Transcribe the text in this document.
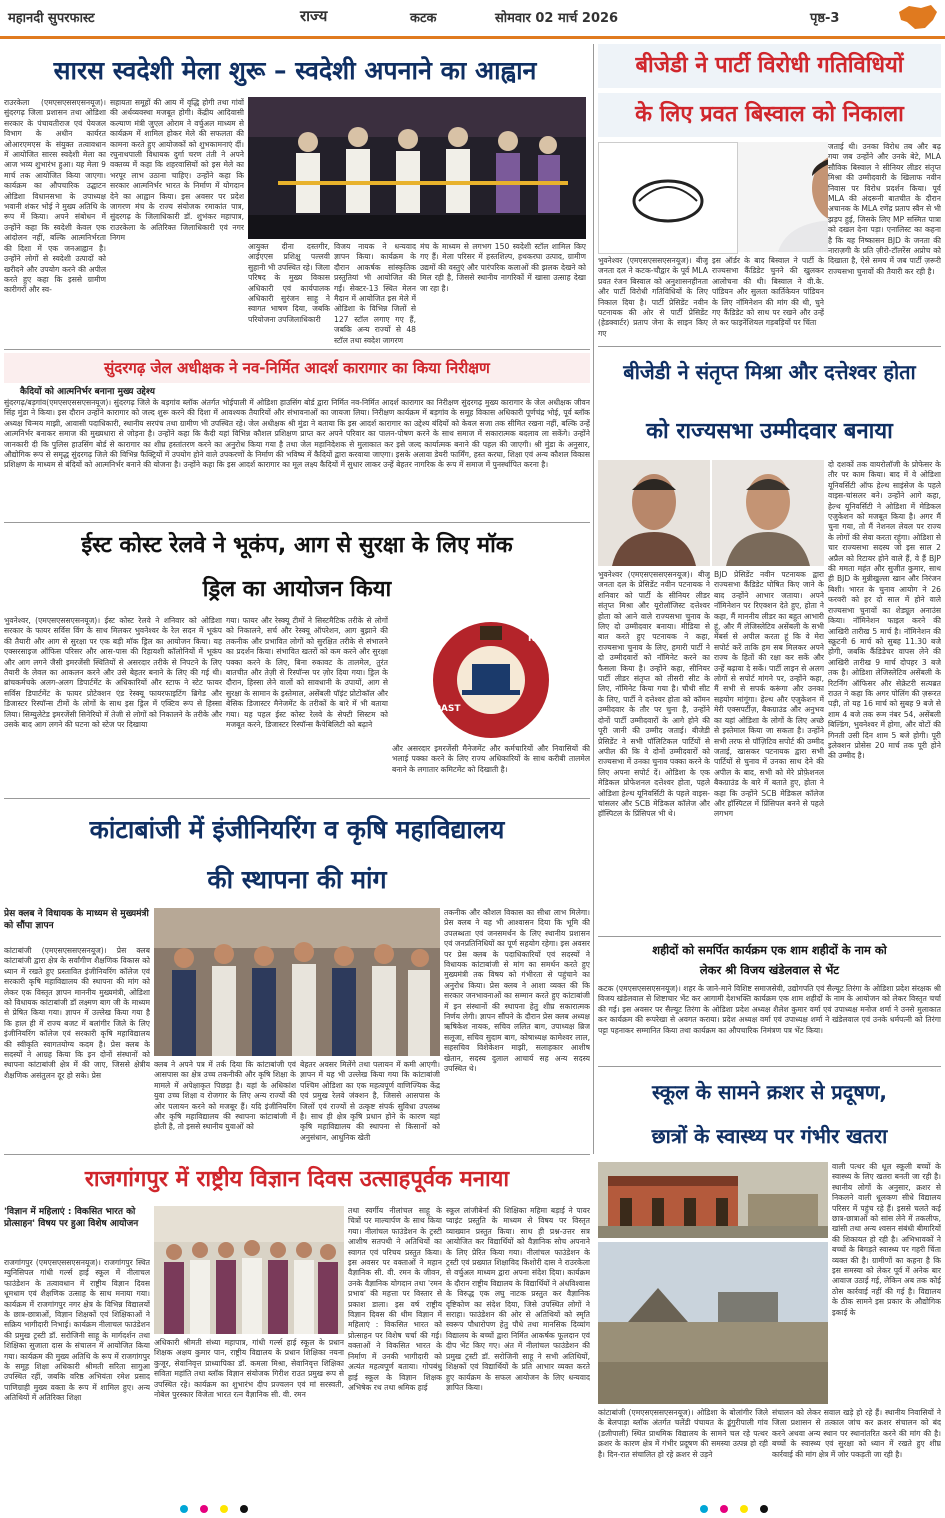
महानदी सुपरफास्ट	राज्य	कटक	सोमवार 02 मार्च 2026	पृष्ठ-3
सारस स्वदेशी मेला शुरू – स्वदेशी अपनाने का आह्वान

राउरकेला (एमएसएससएसनयूज)। सुंदरगढ़ जिला प्रशासन तथा ओडिशा सरकार के पंचायतीराज एवं पेयजल विभाग के अधीन कार्यरत ओआरएमएस के संयुक्त तत्वावधान में आयोजित सारस स्वदेशी मेला का आज भव्य शुभारंभ हुआ। यह मेला 9 मार्च तक आयोजित किया जाएगा। कार्यक्रम का औपचारिक उद्घाटन ओडिशा विधानसभा के उपाध्यक्ष भवानी शंकर भोई ने मुख्य अतिथि के रूप में किया। अपने संबोधन में उन्होंने कहा कि स्वदेशी केवल एक आंदोलन नहीं, बल्कि आत्मनिर्भरता की दिशा में एक जनआह्वान है। उन्होंने लोगों से स्वदेशी उत्पादों को खरीदने और उपयोग करने की अपील करते हुए कहा कि इससे ग्रामीण कारीगरों और स्व-

सहायता समूहों की आय में वृद्धि होगी तथा गांवों की अर्थव्यवस्था मजबूत होगी। केंद्रीय आदिवासी कल्याण मंत्री जुएल ओराम ने वर्चुअल माध्यम से कार्यक्रम में शामिल होकर मेले की सफलता की कामना करते हुए आयोजकों को शुभकामनाएं दीं। रघुनाथपाली विधायक दुर्गा चरण तंती ने अपने वक्तव्य में कहा कि शहरवासियों को इस मेले का भरपूर लाभ उठाना चाहिए। उन्होंने कहा कि सरकार आत्मनिर्भर भारत के निर्माण में योगदान देने का आह्वान किया। इस अवसर पर प्रदेश जागरण मंच के राज्य संयोजक रमाकांत पात्र, सुंदरगढ़ के जिलाधिकारी डॉ. शुभंकर महापात्र, राउरकेला के अतिरिक्त जिलाधिकारी एवं नगर निगम

आयुक्त दीना दस्तगीर, आईएएस प्रशिक्षु पल्लवी सुहानी भी उपस्थित रहे। जिला परिषद के मुख्य विकास अधिकारी एवं कार्यपालक अधिकारी सुरंजन साहू ने स्वागत भाषण दिया, जबकि परियोजना उपजिलाधिकारी

विजय नायक ने धन्यवाद ज्ञापन किया। कार्यक्रम के दौरान आकर्षक सांस्कृतिक प्रस्तुतियां भी आयोजित की गईं। सेक्टर-13 स्थित मेलन मैदान में आयोजित इस मेले में ओडिशा के विभिन्न जिलों से 127 स्टॉल लगाए गए हैं, जबकि अन्य राज्यों से 48 स्टॉल तथा स्वदेश जागरण

मंच के माध्यम से लगभग 150 स्वदेशी स्टॉल शामिल किए गए हैं। मेला परिसर में हस्तशिल्प, हथकरघा उत्पाद, ग्रामीण उद्यमों की वस्तुएं और पारंपरिक कलाओं की झलक देखने को मिल रही है, जिससे स्थानीय नागरिकों में खासा उत्साह देखा जा रहा है।

बीजेडी ने पार्टी विरोधी गतिविधियों
के लिए प्रवत बिस्वाल को निकाला

भुवनेश्वर (एमएसएससएसनयूज)। बीजू जनता दल ने कटक-चौद्वार के पूर्व MLA प्रवत रंजन बिस्वाल को अनुशासनहीनता और पार्टी विरोधी गतिविधियों के लिए निकाल दिया है। पार्टी प्रेसिडेंट नवीन पटनायक की ओर से पार्टी प्रेसिडेंट (हेडक्वार्टर) प्रताप जेना के साइन किए गए

इस ऑर्डर के बाद बिस्वाल ने पार्टी के राज्यसभा कैंडिडेट चुनने की खुलकर आलोचना की थी। बिस्वाल ने वी.के. पांडियन और सुलता कार्तिकेयन पांडियन के लिए नॉमिनेशन की मांग की थी, चुने गए कैंडिडेट को साथ पर रखने और उन्हें ले कर फाइनेंशियल गड़बड़ियों पर चिंता

जताई थी। उनका विरोध तब और बढ़ गया जब उन्होंने और उनके बेटे, MLA सौविक बिस्वाल ने सीनियर लीडर संतृप्त मिश्रा की उम्मीदवारी के खिलाफ नवीन निवास पर विरोध प्रदर्शन किया। पूर्व MLA की अंदरूनी बातचीत के दौरान अचानक के MLA रणेंद्र प्रताप स्वैन से भी झड़प हुई, जिसके लिए MP सस्मित पात्रा को दखल देना पड़ा। एनालिस्ट का कहना है कि यह निष्कासन BJD के जनता की नाराज़गी के प्रति ज़ीरो-टॉलरेंस अप्रोच को दिखाता है, ऐसे समय में जब पार्टी ज़रूरी राज्यसभा चुनावों की तैयारी कर रही है।

सुंदरगढ़ जेल अधीक्षक ने नव-निर्मित आदर्श कारागार का किया निरीक्षण
कैदियों को आत्मनिर्भर बनाना मुख्य उद्देश्य

सुंदरगढ़/बड़गांव(एमएसएससएसनयूज)। सुंदरगढ़ जिले के बड़गांव ब्लॉक अंतर्गत भोईपाली में ओडिशा हाउसिंग बोर्ड द्वारा निर्मित नव-निर्मित आदर्श कारागार का निरीक्षण सुंदरगढ़ मुख्य कारागार के जेल अधीक्षक जीवन सिंह मुंडा ने किया। इस दौरान उन्होंने कारागार को जल्द शुरू करने की दिशा में आवश्यक तैयारियों और संभावनाओं का जायजा लिया। निरीक्षण कार्यक्रम में बड़गांव के समूह विकास अधिकारी पूर्णचंद्र भोई, पूर्व ब्लॉक अध्यक्ष चिन्मय माझी, आवासी पदाधिकारी, स्थानीय सरपंच तथा ग्रामीण भी उपस्थित रहे। जेल अधीक्षक श्री मुंडा ने बताया कि इस आदर्श कारागार का उद्देश्य बंदियों को केवल सजा तक सीमित रखना नहीं, बल्कि उन्हें आत्मनिर्भर बनाकर समाज की मुख्यधारा से जोड़ना है। उन्होंने कहा कि कैदी यहां विभिन्न कौशल प्रशिक्षण प्राप्त कर अपने परिवार का पालन-पोषण करने के साथ समाज में सकारात्मक बदलाव ला सकेंगे। उन्होंने जानकारी दी कि पुलिस हाउसिंग बोर्ड से कारागार का शीघ्र हस्तांतरण करने का अनुरोध किया गया है तथा जेल महानिदेशक से मुलाकात कर इसे जल्द कार्यात्मक बनाने की पहल की जाएगी। श्री मुंडा के अनुसार, औद्योगिक रूप से समृद्ध सुंदरगढ़ जिले की विभिन्न फैक्ट्रियों में उपयोग होने वाले उपकरणों के निर्माण की भविष्य में कैदियों द्वारा करवाया जाएगा। इसके अलावा डेयरी फार्मिंग, हस्त करघा, शिक्षा एवं अन्य कौशल विकास प्रशिक्षण के माध्यम से बंदियों को आत्मनिर्भर बनाने की योजना है। उन्होंने कहा कि इस आदर्श कारागार का मूल लक्ष्य कैदियों में सुधार लाकर उन्हें बेहतर नागरिक के रूप में समाज में पुनर्स्थापित करना है।

बीजेडी ने संतृप्त मिश्रा और दत्तेश्वर होता
को राज्यसभा उम्मीदवार बनाया

भुवनेश्वर (एमएसएससएसनयूज)। बीजू जनता दल के प्रेसिडेंट नवीन पटनायक ने शनिवार को पार्टी के सीनियर लीडर संतृप्त मिश्रा और यूरोलॉजिस्ट दत्तेश्वर होता को आने वाले राज्यसभा चुनाव के लिए दो उम्मीदवार बनाया। मीडिया से बात करते हुए पटनायक ने कहा, राज्यसभा चुनाव के लिए, हमारी पार्टी ने दो उम्मीदवारों को नॉमिनेट करने का फैसला किया है। उन्होंने कहा, सीनियर पार्टी लीडर संतृप्त को तीसरी सीट के लिए, नॉमिनेट किया गया है। चौथी सीट के लिए, पार्टी ने दत्तेश्वर होता को कॉमन उम्मीदवार के तौर पर चुना है, उन्होंने दोनों पार्टी उम्मीदवारों के आगे होने की पूरी जानी की उम्मीद जताई। बीजेडी प्रेसिडेंट ने सभी पॉलिटिकल पार्टियों से अपील की कि वे दोनों उम्मीदवारों को राज्यसभा में उनका चुनाव पक्का करने के लिए अपना सपोर्ट दें। ओडिशा के एक मेडिकल प्रोफेशनल दत्तेश्वर होता, पहले ओडिशा हेल्थ यूनिवर्सिटी के पहले वाइस-चांसलर और SCB मेडिकल कॉलेज और हॉस्पिटल के प्रिंसिपल भी थे।

BJD प्रेसिडेंट नवीन पटनायक द्वारा राज्यसभा कैंडिडेट घोषित किए जाने के बाद उन्होंने आभार जताया। अपने नॉमिनेशन पर रिएक्शन देते हुए, होता ने कहा, मैं माननीय लीडर का बहुत आभारी हूं, और मैं लेजिस्लेटिव असेंबली के सभी मेंबर्स से अपील करता हूं कि वे मेरा सपोर्ट करें ताकि हम सब मिलकर अपने राज्य के हितों की रक्षा कर सकें और उन्हें बढ़ावा दे सकें। पार्टी लाइन से अलग लोगों से सपोर्ट मांगने पर, उन्होंने कहा, मैं सभी से सपर्क करूंगा और उनका सहयोग मांगूंगा। हेल्थ और एजुकेशन में मेरी एक्सपर्टीज़, बैकग्राउंड और अनुभव का यहां ओडिशा के लोगों के लिए अच्छे से इस्तेमाल किया जा सकता है। उन्होंने सभी तरफ से पॉज़िटिव सपोर्ट की उम्मीद जताई, खासकर पटनायक द्वारा सभी पार्टियों से चुनाव में उनका साथ देने की अपील के बाद, सभी को मेरे प्रोफ़ेशनल बैकग्राउंड के बारे में बताते हुए, होता ने कहा कि उन्होंने SCB मेडिकल कॉलेज और हॉस्पिटल में प्रिंसिपल बनने से पहले लगभग

दो दशकों तक वायरोलॉजी के प्रोफेसर के तौर पर काम किया। बाद में वे ओडिशा यूनिवर्सिटी ऑफ हेल्थ साइंसेज के पहले वाइस-चांसलर बने। उन्होंने आगे कहा, हेल्थ यूनिवर्सिटी ने ओडिशा में मेडिकल एजुकेशन को मजबूत किया है। अगर मैं चुना गया, तो मैं नेशनल लेवल पर राज्य के लोगों की सेवा करता रहूंगा। ओडिशा से चार राज्यसभा सदस्य जो इस साल 2 अप्रैल को रिटायर होने वाले हैं, वे हैं BJP की ममता महंत और सुजीत कुमार, साथ ही BJD के मुन्नीखुल्ला खान और निरंजन बिशी। भारत के चुनाव आयोग ने 26 फरवरी को हर दो साल में होने वाले राज्यसभा चुनावों का शेड्यूल अनाउंस किया। नॉमिनेशन फाइल करने की आखिरी तारीख 5 मार्च है। नॉमिनेशन की स्क्रूटनी 6 मार्च को सुबह 11.30 बजे होगी, जबकि कैंडिडेचर वापस लेने की आखिरी तारीख 9 मार्च दोपहर 3 बजे तक है। ओडिशा लेजिस्लेटिव असेंबली के रिटर्निंग ऑफिसर और सेक्रेटरी सत्यब्रत राउत ने कहा कि अगर पोलिंग की ज़रूरत पड़ी, तो यह 16 मार्च को सुबह 9 बजे से शाम 4 बजे तक रूम नंबर 54, असेंबली बिल्डिंग, भुवनेश्वर में होगा, और वोटों की गिनती उसी दिन शाम 5 बजे होगी। पूरी इलेक्शन प्रोसेस 20 मार्च तक पूरी होने की उम्मीद है।

ईस्ट कोस्ट रेलवे ने भूकंप, आग से सुरक्षा के लिए मॉक
ड्रिल का आयोजन किया

भुवनेश्वर, (एमएसएससएसनयूज)। ईस्ट कोस्ट रेलवे ने शनिवार को ओडिशा सरकार के फायर सर्विस विंग के साथ मिलकर भुवनेश्वर के रेल सदन में भूकंप की तैयारी और आग से सुरक्षा पर एक बड़ी मॉक ड्रिल का आयोजन किया। यह एक्सरसाइज ऑफिस परिसर और आस-पास की रिहायशी कॉलोनियों में भूकंप और आग लगने जैसी इमरजेंसी स्थितियों से असरदार तरीके से निपटने के लिए तैयारी के लेवल का आकलन करने और उसे बेहतर बनाने के लिए की गई थी। ब्रांचकर्मचके अलग-अलग डिपार्टमेंट के अधिकारियों और स्टाफ ने स्टेट फायर सर्विस डिपार्टमेंट के फायर प्रोटेक्शन एंड रेस्क्यू फायरफाइटिंग ब्रिगेड और डिजास्टर रिस्पॉन्स टीमों के लोगों के साथ इस ड्रिल में एक्टिव रूप से हिस्सा लिया। सिम्युलेटेड इमरजेंसी सिनेरियो में तेजी से लोगों को निकालने के तरीके और उसके बाद आग लगने की घटना को स्टेज पर दिखाया

गया। फायर और रेस्क्यू टीमों ने सिस्टमैटिक तरीके से लोगों को निकालने, सर्च और रेस्क्यू ऑपरेशन, आग बुझाने की तकनीक और प्रभावित लोगों को सुरक्षित तरीके से संभालने का प्रदर्शन किया। संभावित खतरों को कम करने और सुरक्षा पक्का करने के लिए, बिना रुकावट के तालमेल, तुरंत बातचीत और तेज़ी से रिस्पॉन्स पर ज़ोर दिया गया। ड्रिल के दौरान, हिस्सा लेने वालों को सावधानी के उपायों, आग से सुरक्षा के सामान के इस्तेमाल, असेंबली पॉइंट प्रोटोकॉल और बेसिक डिजास्टर मैनेजमेंट के तरीकों के बारे में भी बताया गया। यह पहल ईस्ट कोस्ट रेलवे के सेफ्टी सिस्टम को मजबूत करने, डिजास्टर रिस्पॉन्स कैपेबिलिटी को बढ़ाने

EAST COAST
RAILWAY

और असरदार इमरजेंसी मैनेजमेंट और कर्मचारियों और निवासियों की भलाई पक्का करने के लिए राज्य अधिकारियों के साथ करीबी तालमेल बनाने के लगातार कमिटमेंट को दिखाती है।

कांटाबांजी में इंजीनियरिंग व कृषि महाविद्यालय
की स्थापना की मांग
प्रेस क्लब ने विधायक के माध्यम से मुख्यमंत्री को सौंपा ज्ञापन

कांटाबांजी (एमएसएससएसनयूज)। प्रेस क्लब कांटाबांजी द्वारा क्षेत्र के सर्वांगीण शैक्षणिक विकास को ध्यान में रखते हुए प्रस्तावित इंजीनियरिंग कॉलेज एवं सरकारी कृषि महाविद्यालय की स्थापना की मांग को लेकर एक विस्तृत ज्ञापन माननीय मुख्यमंत्री, ओडिशा को विधायक कांटाबांजी डॉ लक्ष्मण बाग जी के माध्यम से प्रेषित किया गया। ज्ञापन में उल्लेख किया गया है कि हाल ही में राज्य बजट में बलांगीर जिले के लिए इंजीनियरिंग कॉलेज एवं सरकारी कृषि महाविद्यालय की स्वीकृति स्वागतयोग्य कदम है। प्रेस क्लब के सदस्यों ने आग्रह किया कि इन दोनों संस्थानों को स्थापना कांटाबांजी क्षेत्र में की जाए, जिससे क्षेत्रीय शैक्षणिक असंतुलन दूर हो सके। प्रेस

क्लब ने अपने पत्र में तर्क दिया कि कांटाबांजी एवं आसपास का क्षेत्र उच्च तकनीकी और कृषि शिक्षा के मामले में अपेक्षाकृत पिछड़ा है। यहां के अधिकांश युवा उच्च शिक्षा व रोजगार के लिए अन्य राज्यों की ओर पलायन करने को मजबूर हैं। यदि इंजीनियरिंग और कृषि महाविद्यालय की स्थापना कांटाबांजी में होती है, तो इससे स्थानीय युवाओं को

बेहतर अवसर मिलेंगे तथा पलायन में कमी आएगी। ज्ञापन में यह भी उल्लेख किया गया कि कांटाबांजी पश्चिम ओडिशा का एक महत्वपूर्ण वाणिज्यिक केंद्र एवं प्रमुख रेलवे जंक्शन है, जिससे आसपास के जिलों एवं राज्यों से उत्कृष्ट संपर्क सुविधा उपलब्ध है। साथ ही क्षेत्र कृषि प्रधान होने के कारण यहां कृषि महाविद्यालय की स्थापना से किसानों को अनुसंधान, आधुनिक खेती

तकनीक और कौशल विकास का सीधा लाभ मिलेगा। प्रेस क्लब ने यह भी आश्वासन दिया कि भूमि की उपलब्धता एवं जनसमर्थन के लिए स्थानीय प्रशासन एवं जनप्रतिनिधियों का पूर्ण सहयोग रहेगा। इस अवसर पर प्रेस क्लब के पदाधिकारियों एवं सदस्यों ने विधायक कांटाबांजी से मांग का समर्थन करते हुए मुख्यमंत्री तक विषय को गंभीरता से पहुंचाने का अनुरोध किया। प्रेस क्लब ने आशा व्यक्त की कि सरकार जनभावनाओं का सम्मान करते हुए कांटाबांजी में इन संस्थानों की स्थापना हेतु शीघ्र सकारात्मक निर्णय लेगी। ज्ञापन सौंपने के दौरान प्रेस क्लब अध्यक्ष ऋषिकेश नायक, सचिव ललित बाग, उपाध्यक्ष ब्रिज सलूजा, सचिव सुदाम बाग, कोषाध्यक्ष कामेश्वर लाल, सहसचिव विशेकेशन माझी, सलाहकार आशीष खेतान, सदस्य दुलाल आचार्य सह अन्य सदस्य उपस्थित थे।

शहीदों को समर्पित कार्यक्रम एक शाम शहीदों के नाम को
लेकर श्री विजय खंडेलवाल से भेंट

कटक (एमएसएससएसनयूज)। शहर के जाने-माने विशिष्ट समाजसेवी, उद्योगपति एवं सैल्यूट तिरंगा के ओडिशा प्रदेश संरक्षक श्री विजय खंडेलवाल से शिष्टाचार भेंट कर आगामी देशभक्ति कार्यक्रम एक शाम शहीदों के नाम के आयोजन को लेकर विस्तृत चर्चा की गई। इस अवसर पर सैल्यूट तिरंगा के ओडिशा प्रदेश अध्यक्ष शैलेश कुमार वर्मा एवं उपाध्यक्ष मनोज शर्मा ने उनसे मुलाकात कर कार्यक्रम की रूपरेखा से अवगत कराया। प्रदेश अध्यक्ष वर्मा एवं उपाध्यक्ष शर्मा ने खंडेलवाल एवं उनके धर्मपत्नी को तिरंगा पट्टा पहनाकर सम्मानित किया तथा कार्यक्रम का औपचारिक निमंत्रण पत्र भेंट किया।

स्कूल के सामने क्रशर से प्रदूषण,
छात्रों के स्वास्थ्य पर गंभीर खतरा

वाली पत्थर की धूल स्कूली बच्चों के स्वास्थ्य के लिए खतरा बनती जा रही है। स्थानीय लोगों के अनुसार, क्रशर से निकलने वाली धूलकण सीधे विद्यालय परिसर में पहुंच रहे हैं। इससे चलते कई छात्र-छात्राओं को सांस लेने में तकलीफ, खांसी तथा अन्य श्वसन संबंधी बीमारियों की शिकायत हो रही है। अभिभावकों ने बच्चों के बिगड़ते स्वास्थ्य पर गहरी चिंता व्यक्त की है। ग्रामीणों का कहना है कि इस समस्या को लेकर पूर्व में अनेक बार आवाज उठाई गई, लेकिन अब तक कोई ठोस कार्रवाई नहीं की गई है। विद्यालय के ठीक सामने इस प्रकार के औद्योगिक इकाई के

कांटाबांजी (एमएसएससएसनयूज)। ओडिशा के बोलांगीर जिले के बेलपाड़ा ब्लॉक अंतर्गत चलेंडी पंचायत के डूंगुरीपाली गांव (डलीपाली) स्थित प्राथमिक विद्यालय के सामने चल रहे पत्थर क्रशर के कारण क्षेत्र में गंभीर प्रदूषण की समस्या उत्पन्न हो रही है। दिन-रात संचालित हो रहे क्रशर से उड़ने

संचालन को लेकर सवाल खड़े हो रहे हैं। स्थानीय निवासियों ने जिला प्रशासन से तत्काल जांच कर क्रशर संचालन को बंद करने अथवा अन्य स्थान पर स्थानांतरित करने की मांग की है। बच्चों के स्वास्थ्य एवं सुरक्षा को ध्यान में रखते हुए शीघ्र कार्रवाई की मांग क्षेत्र में जोर पकड़ती जा रही है।

राजगांगपुर में राष्ट्रीय विज्ञान दिवस उत्साहपूर्वक मनाया
'विज्ञान में महिलाएं : विकसित भारत को प्रोत्साहन' विषय पर हुआ विशेष आयोजन

राजगांगपुर (एमएसएससएसनयूज)। राजगांगपुर स्थित म्युनिसिपल गांधी गर्ल्स हाई स्कूल में नीलाचल फाउंडेशन के तत्वावधान में राष्ट्रीय विज्ञान दिवस धूमधाम एवं शैक्षणिक उत्साह के साथ मनाया गया। कार्यक्रम में राजगांगपुर नगर क्षेत्र के विभिन्न विद्यालयों के छात्र-छात्राओं, विज्ञान शिक्षकों एवं शिक्षिकाओं ने सक्रिय भागीदारी निभाई। कार्यक्रम नीलाचल फाउंडेशन की प्रमुख ट्रस्टी डॉ. सरोजिनी साहू के मार्गदर्शन तथा शिक्षिका सुजाता दास के संचालन में आयोजित किया गया। कार्यक्रम की मुख्य अतिथि के रूप में राजगांगपुर के समूह शिक्षा अधिकारी श्रीमती सरिता सागुआ उपस्थित रहीं, जबकि वरिष्ठ अभियंता रमेश प्रसाद पाणिग्राही मुख्य वक्ता के रूप में शामिल हुए। अन्य अतिथियों में अतिरिक्त शिक्षा

अधिकारी श्रीमती संध्या महापात्र, गांधी गर्ल्स हाई स्कूल के प्रधान शिक्षक अक्षय कुमार पान, राष्ट्रीय विद्यालय के प्रधान शिक्षिका नयना कुजूर, सेवानिवृत्त प्राध्यापिका डॉ. कमला मिश्रा, सेवानिवृत्त शिक्षिका सविता महांति तथा ब्लॉक विज्ञान संयोजक गिरीश राउत प्रमुख रूप से उपस्थित रहे। कार्यक्रम का शुभारंभ दीप प्रज्वलन एवं मां सरस्वती, नोबेल पुरस्कार विजेता भारत रत्न वैज्ञानिक सी. वी. रमन

तथा स्वर्गीय नीलांचल साहू के चित्रों पर माल्यार्पण के साथ किया गया। नीलांचल फाउंडेशन के ट्रस्टी आशीष सतपथी ने अतिथियों का स्वागत एवं परिचय प्रस्तुत किया। इस अवसर पर वक्ताओं ने महान वैज्ञानिक सी. वी. रमन के जीवन, उनके वैज्ञानिक योगदान तथा 'रमन प्रभाव' की महत्ता पर विस्तार से प्रकाश डाला। इस वर्ष राष्ट्रीय विज्ञान दिवस की थीम विज्ञान में महिलाएं : विकसित भारत को प्रोत्साहन पर विशेष चर्चा की गई। वक्ताओं ने विकसित भारत के निर्माण में उनकी भागीदारी को अत्यंत महत्वपूर्ण बताया। गोपबंधु हाई स्कूल के विज्ञान शिक्षक अभिषेक रथ तथा श्रमिक हाई

स्कूल लांजीबेर्ना की शिक्षिका महिमा बड़ाई ने पावर प्वाइंट प्रस्तुति के माध्यम से विषय पर विस्तृत व्याख्यान प्रस्तुत किया। साथ ही प्रश्न-उत्तर सत्र आयोजित कर विद्यार्थियों को वैज्ञानिक सोच अपनाने के लिए प्रेरित किया गया। नीलांचल फाउंडेशन के ट्रस्टी एवं प्रख्यात शिक्षाविद किशोरी दास ने राउरकेला से वर्चुअल माध्यम द्वारा अपना संदेश दिया। कार्यक्रम के दौरान राष्ट्रीय विद्यालय के विद्यार्थियों ने अंधविश्वास के विरुद्ध एक लघु नाटक प्रस्तुत कर वैज्ञानिक दृष्टिकोण का संदेश दिया, जिसे उपस्थित लोगों ने सराहा। फाउंडेशन की ओर से अतिथियों को स्मृति स्वरूप पौधारोपण हेतु पौधे तथा मानसिक दिव्यांग विद्यालय के बच्चों द्वारा निर्मित आकर्षक फूलदान एवं दीप भेंट किए गए। अंत में नीलांचल फाउंडेशन की प्रमुख ट्रस्टी डॉ. सरोजिनी साहू ने सभी अतिथियों, शिक्षकों एवं विद्यार्थियों के प्रति आभार व्यक्त करते हुए कार्यक्रम के सफल आयोजन के लिए धन्यवाद ज्ञापित किया।
